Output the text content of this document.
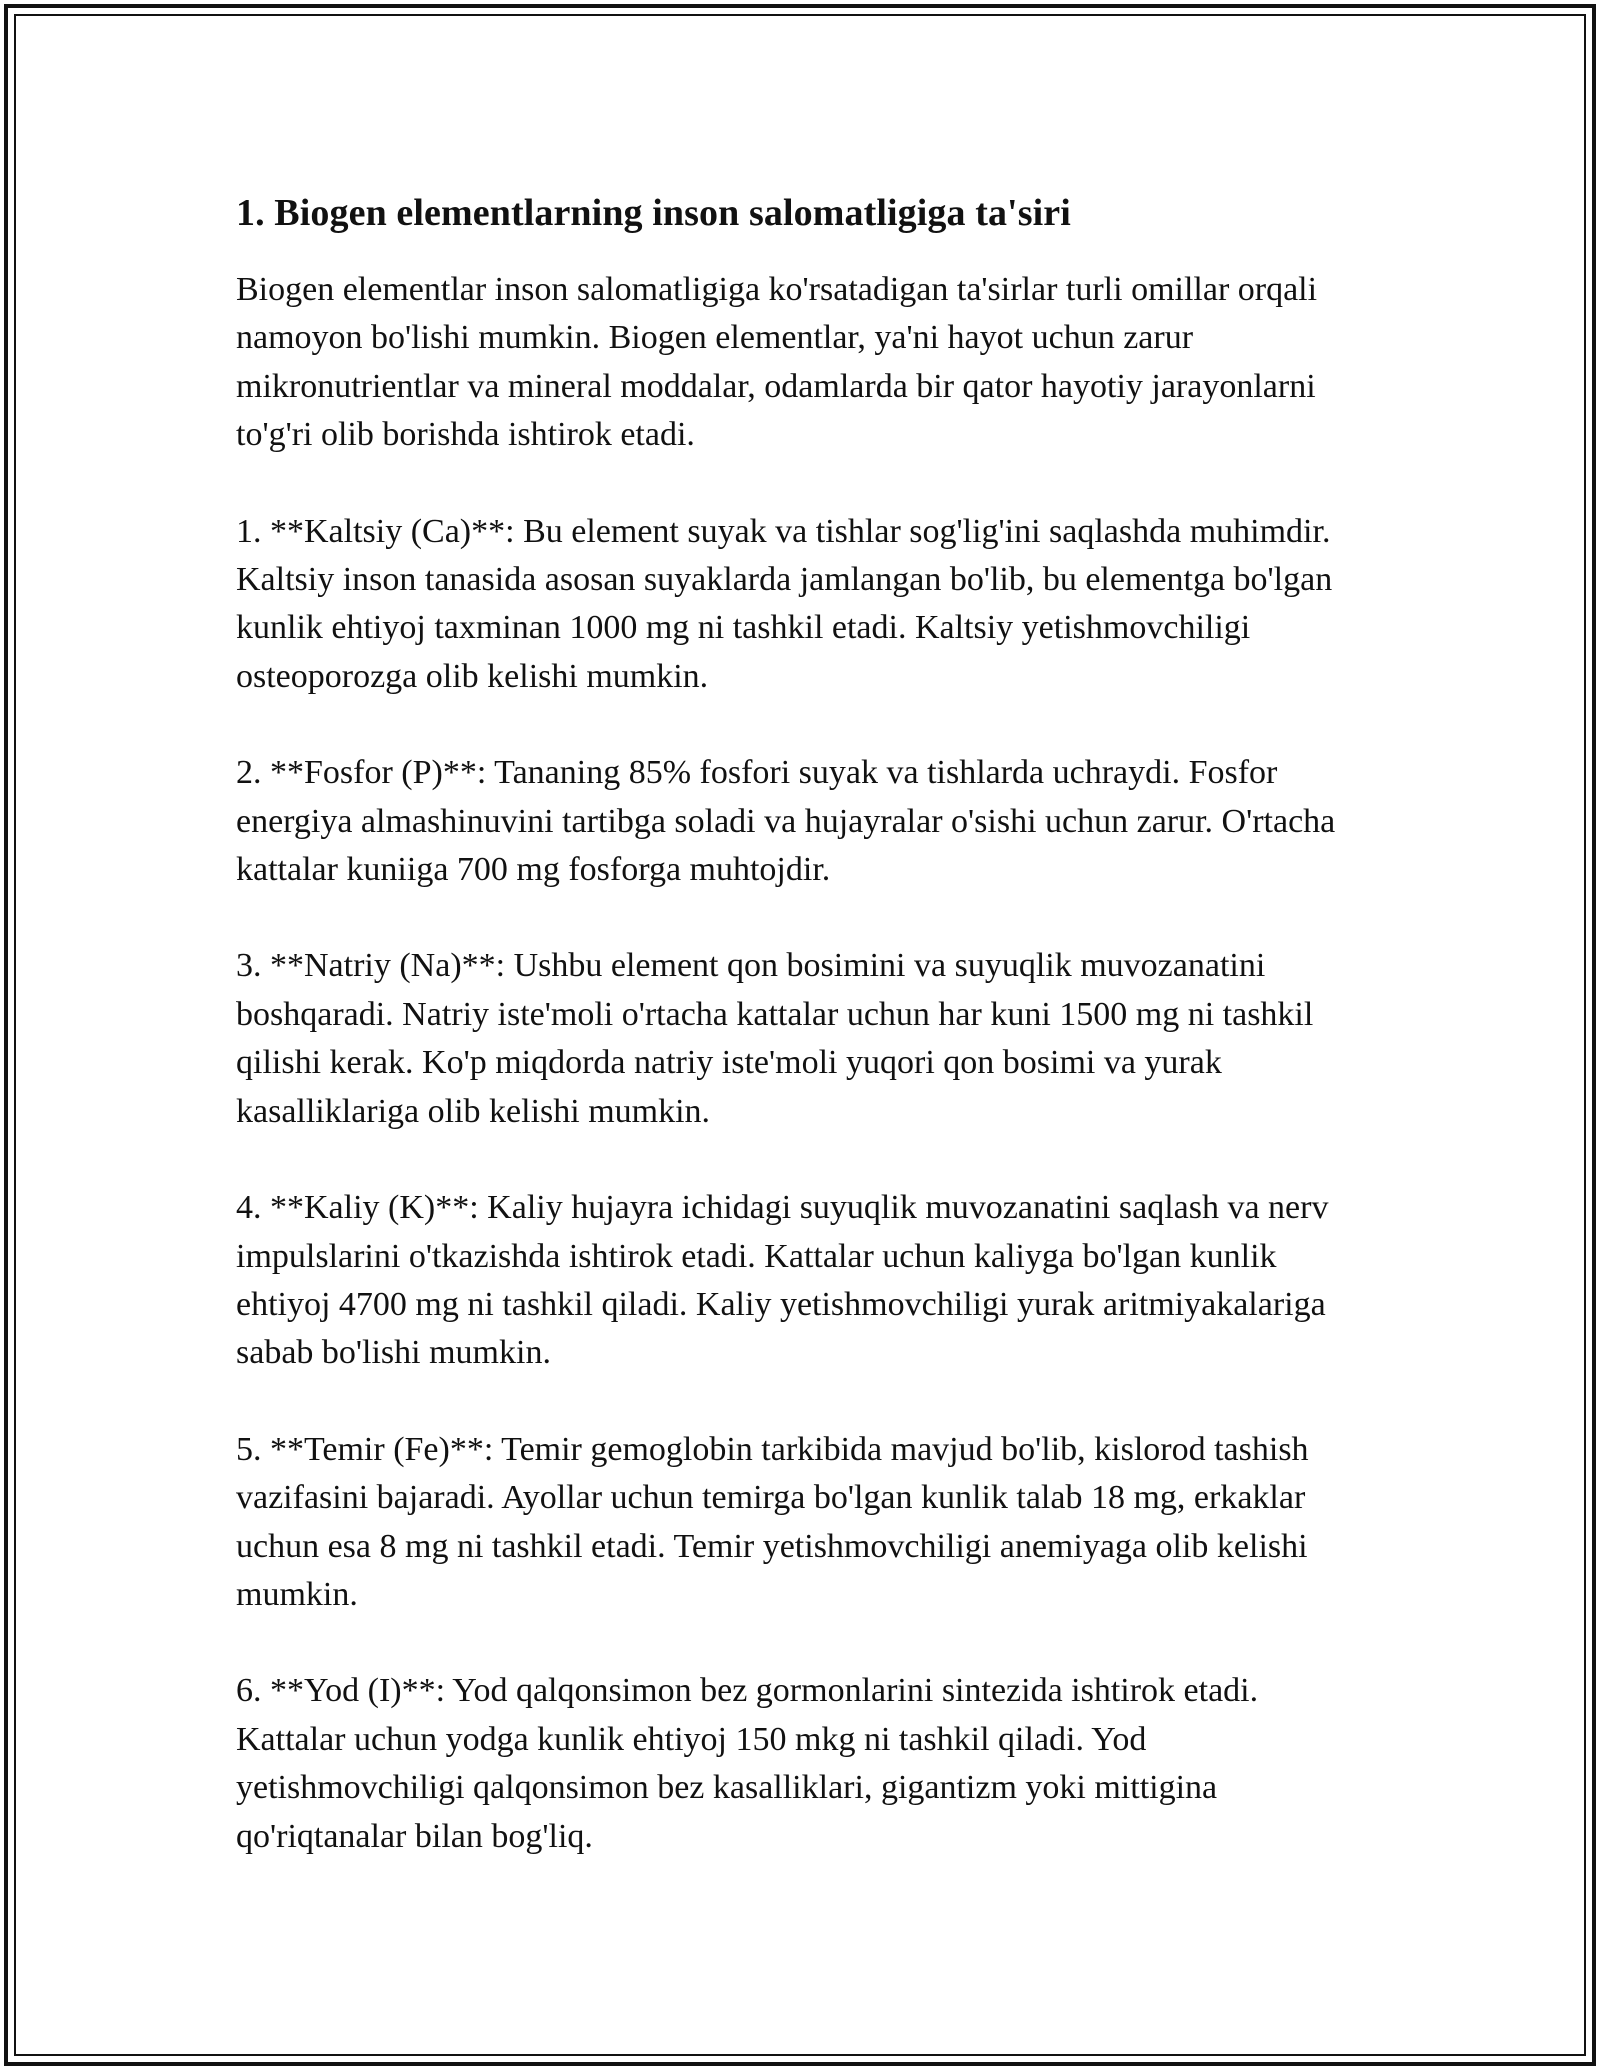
1. Biogen elementlarning inson salomatligiga ta'siri

Biogen elementlar inson salomatligiga ko'rsatadigan ta'sirlar turli omillar orqali namoyon bo'lishi mumkin. Biogen elementlar, ya'ni hayot uchun zarur mikronutrientlar va mineral moddalar, odamlarda bir qator hayotiy jarayonlarni to'g'ri olib borishda ishtirok etadi.

1. **Kaltsiy (Ca)**: Bu element suyak va tishlar sog'lig'ini saqlashda muhimdir. Kaltsiy inson tanasida asosan suyaklarda jamlangan bo'lib, bu elementga bo'lgan kunlik ehtiyoj taxminan 1000 mg ni tashkil etadi. Kaltsiy yetishmovchiligi osteoporozga olib kelishi mumkin.

2. **Fosfor (P)**: Tananing 85% fosfori suyak va tishlarda uchraydi. Fosfor energiya almashinuvini tartibga soladi va hujayralar o'sishi uchun zarur. O'rtacha kattalar kuniiga 700 mg fosforga muhtojdir.

3. **Natriy (Na)**: Ushbu element qon bosimini va suyuqlik muvozanatini boshqaradi. Natriy iste'moli o'rtacha kattalar uchun har kuni 1500 mg ni tashkil qilishi kerak. Ko'p miqdorda natriy iste'moli yuqori qon bosimi va yurak kasalliklariga olib kelishi mumkin.

4. **Kaliy (K)**: Kaliy hujayra ichidagi suyuqlik muvozanatini saqlash va nerv impulslarini o'tkazishda ishtirok etadi. Kattalar uchun kaliyga bo'lgan kunlik ehtiyoj 4700 mg ni tashkil qiladi. Kaliy yetishmovchiligi yurak aritmiyakalariga sabab bo'lishi mumkin.

5. **Temir (Fe)**: Temir gemoglobin tarkibida mavjud bo'lib, kislorod tashish vazifasini bajaradi. Ayollar uchun temirga bo'lgan kunlik talab 18 mg, erkaklar uchun esa 8 mg ni tashkil etadi. Temir yetishmovchiligi anemiyaga olib kelishi mumkin.

6. **Yod (I)**: Yod qalqonsimon bez gormonlarini sintezida ishtirok etadi. Kattalar uchun yodga kunlik ehtiyoj 150 mkg ni tashkil qiladi. Yod yetishmovchiligi qalqonsimon bez kasalliklari, gigantizm yoki mittigina qo'riqtanalar bilan bog'liq.
